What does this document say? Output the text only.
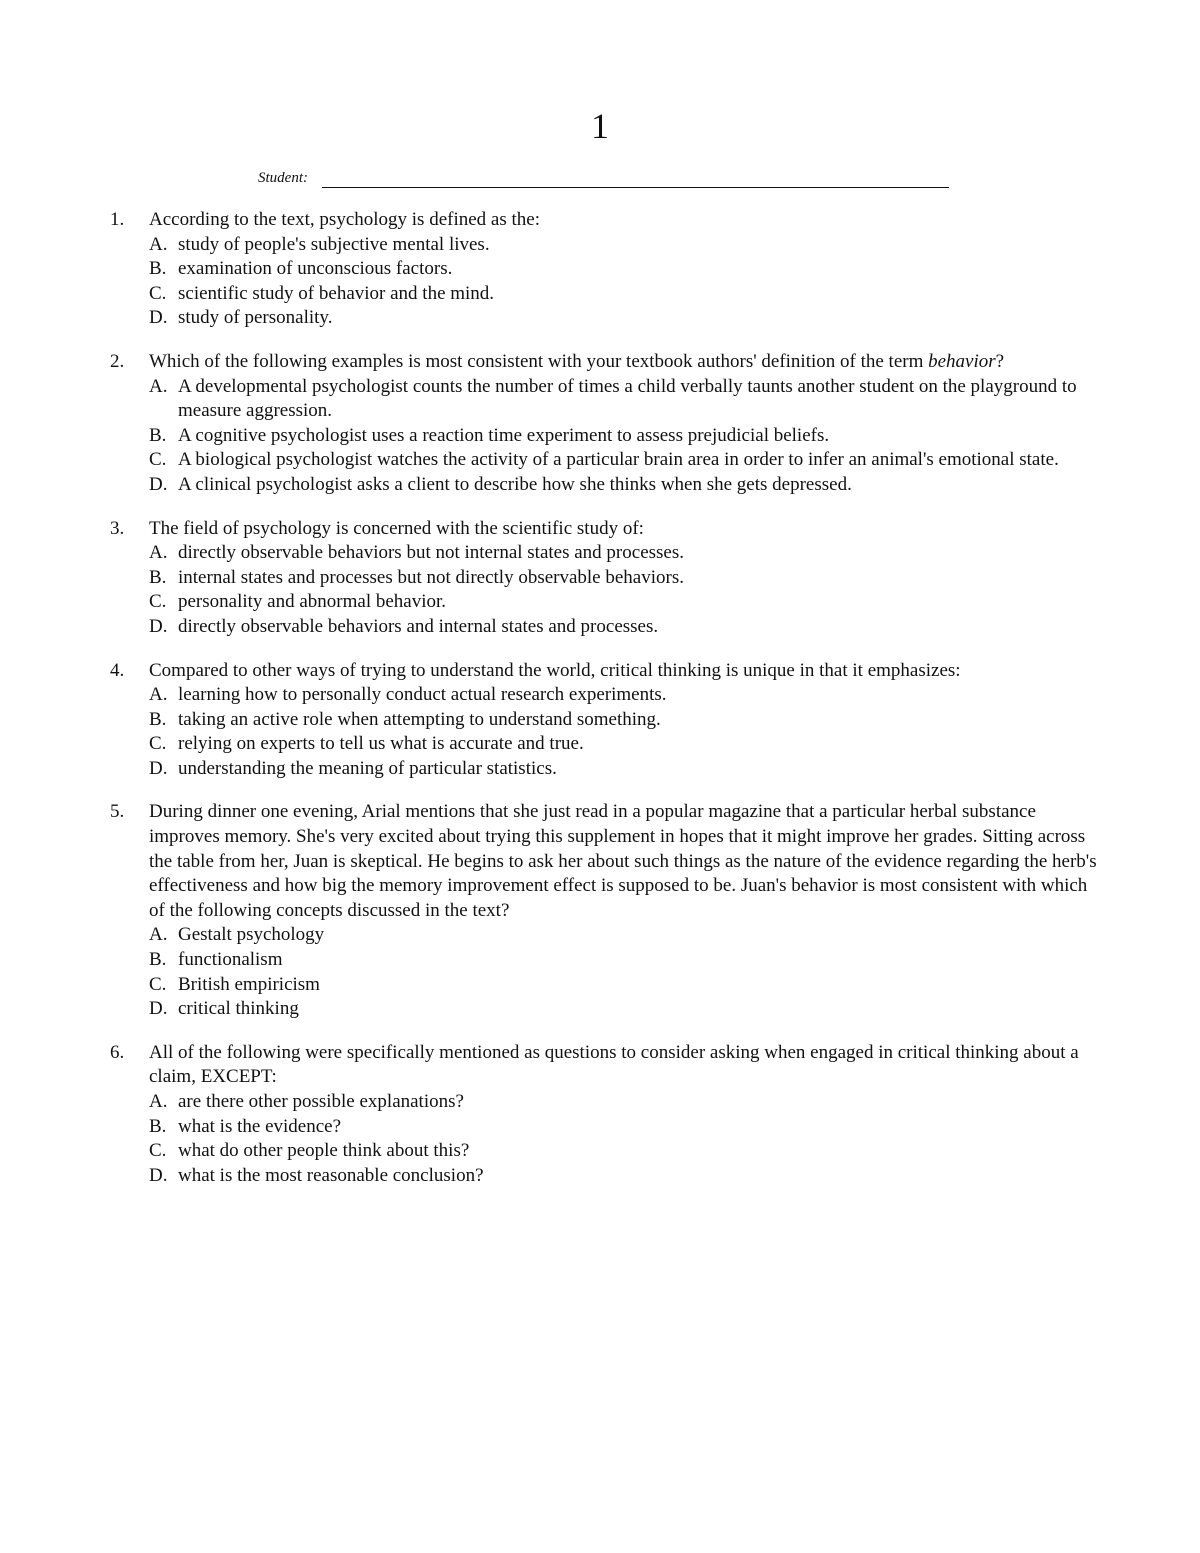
1
Student:
1. According to the text, psychology is defined as the:
A. study of people's subjective mental lives.
B. examination of unconscious factors.
C. scientific study of behavior and the mind.
D. study of personality.
2. Which of the following examples is most consistent with your textbook authors' definition of the term behavior?
A. A developmental psychologist counts the number of times a child verbally taunts another student on the playground to measure aggression.
B. A cognitive psychologist uses a reaction time experiment to assess prejudicial beliefs.
C. A biological psychologist watches the activity of a particular brain area in order to infer an animal's emotional state.
D. A clinical psychologist asks a client to describe how she thinks when she gets depressed.
3. The field of psychology is concerned with the scientific study of:
A. directly observable behaviors but not internal states and processes.
B. internal states and processes but not directly observable behaviors.
C. personality and abnormal behavior.
D. directly observable behaviors and internal states and processes.
4. Compared to other ways of trying to understand the world, critical thinking is unique in that it emphasizes:
A. learning how to personally conduct actual research experiments.
B. taking an active role when attempting to understand something.
C. relying on experts to tell us what is accurate and true.
D. understanding the meaning of particular statistics.
5. During dinner one evening, Arial mentions that she just read in a popular magazine that a particular herbal substance improves memory. She's very excited about trying this supplement in hopes that it might improve her grades. Sitting across the table from her, Juan is skeptical. He begins to ask her about such things as the nature of the evidence regarding the herb's effectiveness and how big the memory improvement effect is supposed to be. Juan's behavior is most consistent with which of the following concepts discussed in the text?
A. Gestalt psychology
B. functionalism
C. British empiricism
D. critical thinking
6. All of the following were specifically mentioned as questions to consider asking when engaged in critical thinking about a claim, EXCEPT:
A. are there other possible explanations?
B. what is the evidence?
C. what do other people think about this?
D. what is the most reasonable conclusion?
